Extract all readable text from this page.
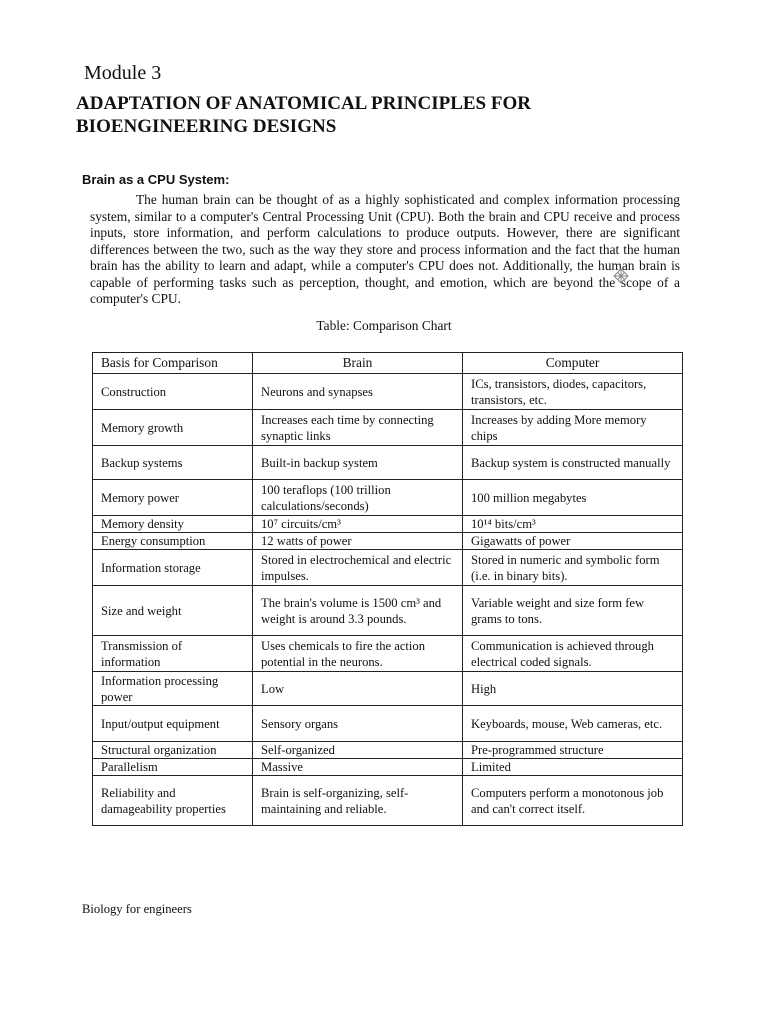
Module 3
ADAPTATION OF ANATOMICAL PRINCIPLES FOR BIOENGINEERING DESIGNS
Brain as a CPU System:

The human brain can be thought of as a highly sophisticated and complex information processing system, similar to a computer's Central Processing Unit (CPU). Both the brain and CPU receive and process inputs, store information, and perform calculations to produce outputs. However, there are significant differences between the two, such as the way they store and process information and the fact that the human brain has the ability to learn and adapt, while a computer's CPU does not. Additionally, the human brain is capable of performing tasks such as perception, thought, and emotion, which are beyond the scope of a computer's CPU.

Table: Comparison Chart
Basis for Comparison	Brain	Computer
Construction	Neurons and synapses	ICs, transistors, diodes, capacitors, transistors, etc.
Memory growth	Increases each time by connecting synaptic links	Increases by adding More memory chips
Backup systems	Built-in backup system	Backup system is constructed manually
Memory power	100 teraflops (100 trillion calculations/seconds)	100 million megabytes
Memory density	10⁷ circuits/cm³	10¹⁴ bits/cm³
Energy consumption	12 watts of power	Gigawatts of power
Information storage	Stored in electrochemical and electric impulses.	Stored in numeric and symbolic form (i.e. in binary bits).
Size and weight	The brain's volume is 1500 cm³ and weight is around 3.3 pounds.	Variable weight and size form few grams to tons.
Transmission of information	Uses chemicals to fire the action potential in the neurons.	Communication is achieved through electrical coded signals.
Information processing power	Low	High
Input/output equipment	Sensory organs	Keyboards, mouse, Web cameras, etc.
Structural organization	Self-organized	Pre-programmed structure
Parallelism	Massive	Limited
Reliability and damageability properties	Brain is self-organizing, self-maintaining and reliable.	Computers perform a monotonous job and can't correct itself.
Biology for engineers
